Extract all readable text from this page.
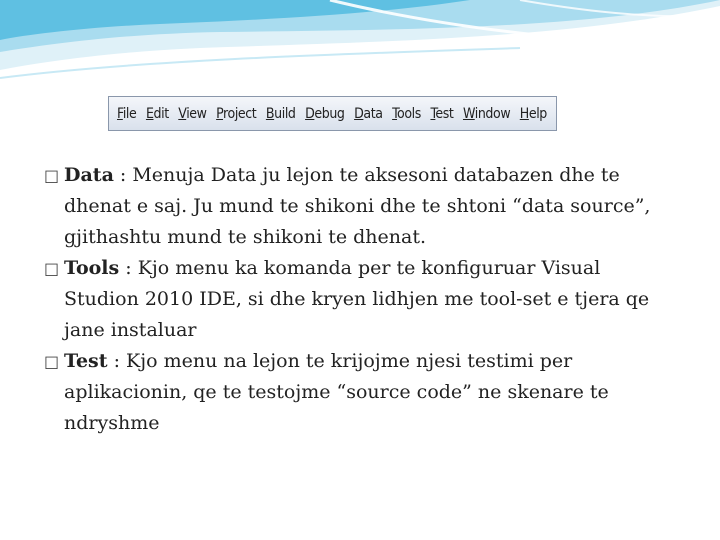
File Edit View Project Build Debug Data Tools Test Window Help

□ Data : Menuja Data ju lejon te aksesoni databazen dhe te dhenat e saj. Ju mund te shikoni dhe te shtoni “data source”, gjithashtu mund te shikoni te dhenat.

□ Tools : Kjo menu ka komanda per te konfiguruar Visual Studion 2010 IDE, si dhe kryen lidhjen me tool-set e tjera qe jane instaluar

□ Test : Kjo menu na lejon te krijojme njesi testimi per aplikacionin, qe te testojme “source code” ne skenare te ndryshme
